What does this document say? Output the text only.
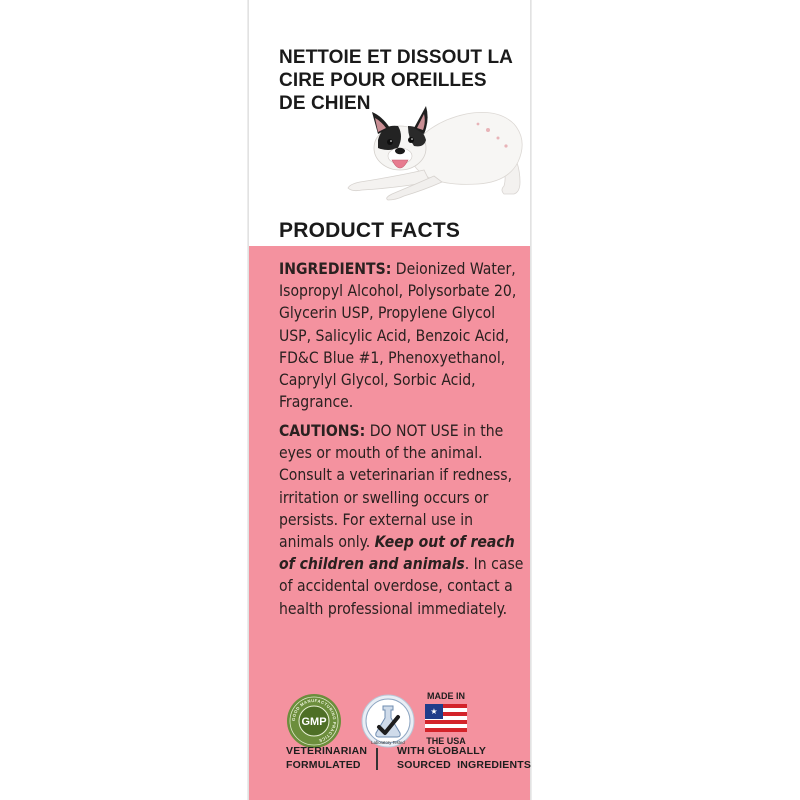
NETTOIE ET DISSOUT LA
CIRE POUR OREILLES
DE CHIEN

PRODUCT FACTS

INGREDIENTS: Deionized Water, Isopropyl Alcohol, Polysorbate 20, Glycerin USP, Propylene Glycol USP, Salicylic Acid, Benzoic Acid, FD&C Blue #1, Phenoxyethanol, Caprylyl Glycol, Sorbic Acid, Fragrance.

CAUTIONS: DO NOT USE in the eyes or mouth of the animal. Consult a veterinarian if redness, irritation or swelling occurs or persists. For external use in animals only. Keep out of reach of children and animals. In case of accidental overdose, contact a health professional immediately.

GOOD MANUFACTURING PRACTICE
GMP
Laboratory Tested
MADE IN
★
THE USA

VETERINARIAN
FORMULATED

WITH GLOBALLY
SOURCED  INGREDIENTS
